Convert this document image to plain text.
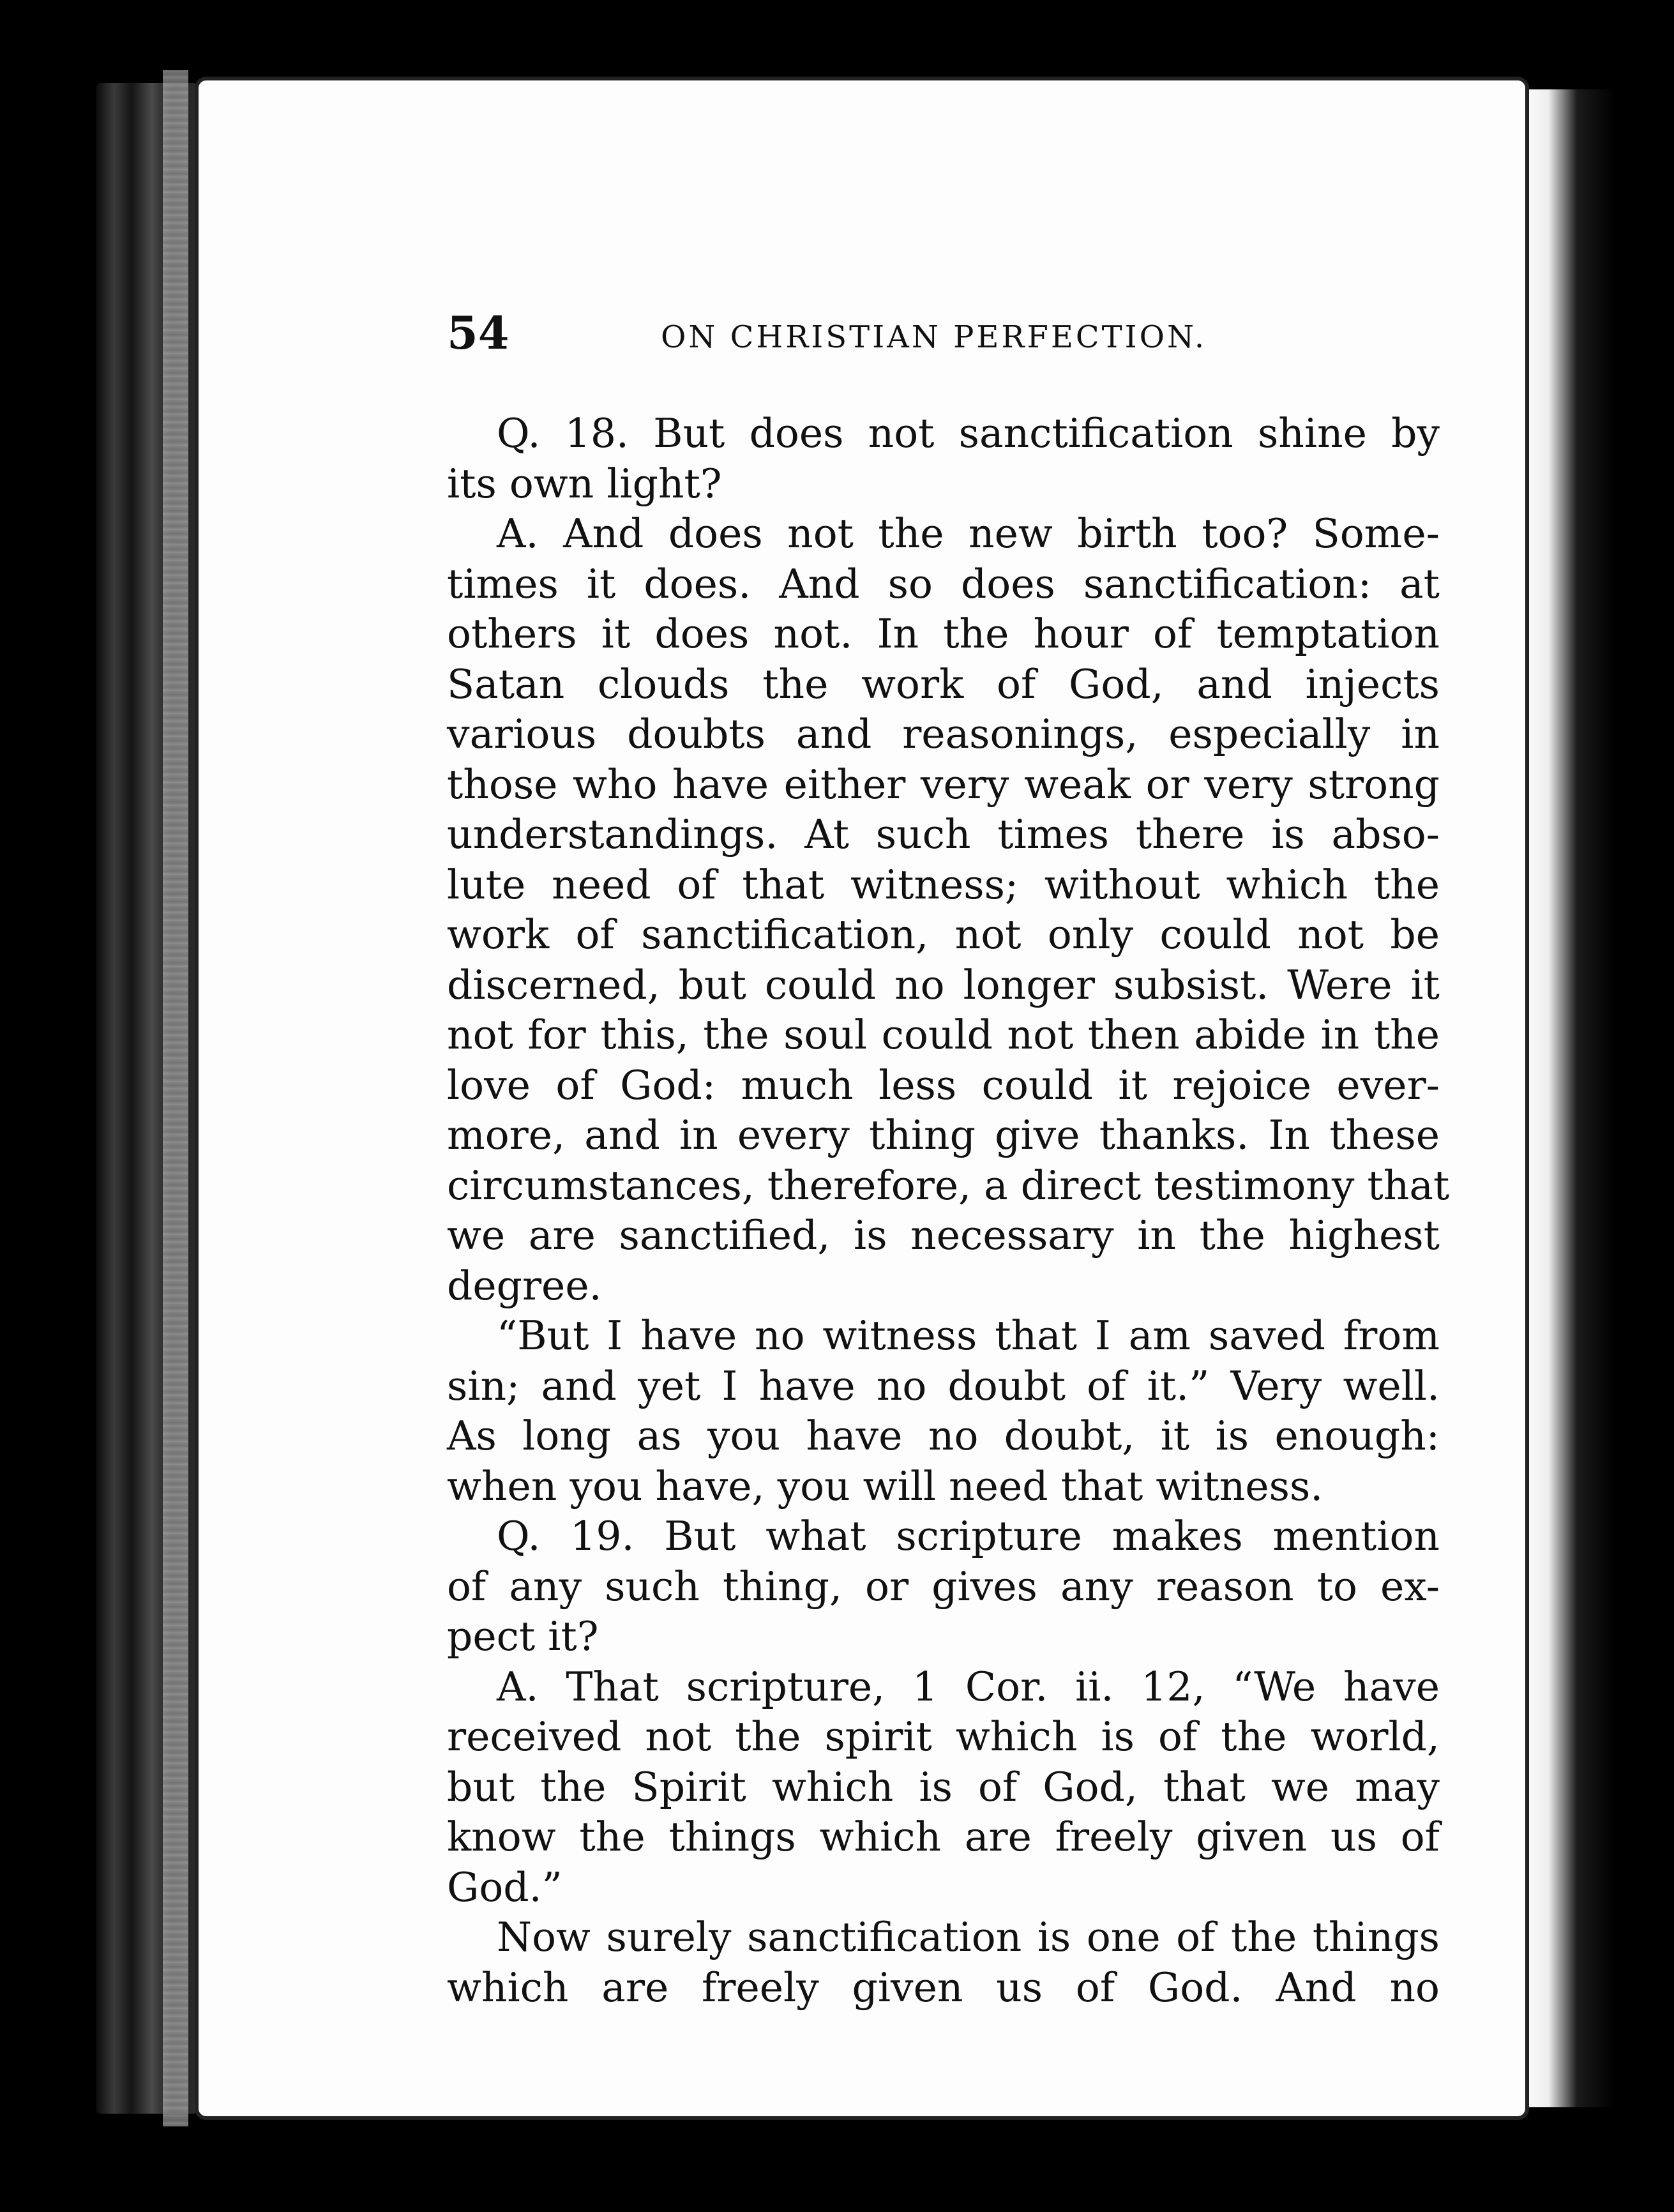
54	ON CHRISTIAN PERFECTION.
Q. 18. But does not sanctification shine by
its own light?
A. And does not the new birth too? Some-
times it does. And so does sanctification: at
others it does not. In the hour of temptation
Satan clouds the work of God, and injects
various doubts and reasonings, especially in
those who have either very weak or very strong
understandings. At such times there is abso-
lute need of that witness; without which the
work of sanctification, not only could not be
discerned, but could no longer subsist. Were it
not for this, the soul could not then abide in the
love of God: much less could it rejoice ever-
more, and in every thing give thanks. In these
circumstances, therefore, a direct testimony that
we are sanctified, is necessary in the highest
degree.
“But I have no witness that I am saved from
sin; and yet I have no doubt of it.” Very well.
As long as you have no doubt, it is enough:
when you have, you will need that witness.
Q. 19. But what scripture makes mention
of any such thing, or gives any reason to ex-
pect it?
A. That scripture, 1 Cor. ii. 12, “We have
received not the spirit which is of the world,
but the Spirit which is of God, that we may
know the things which are freely given us of
God.”
Now surely sanctification is one of the things
which are freely given us of God. And no
